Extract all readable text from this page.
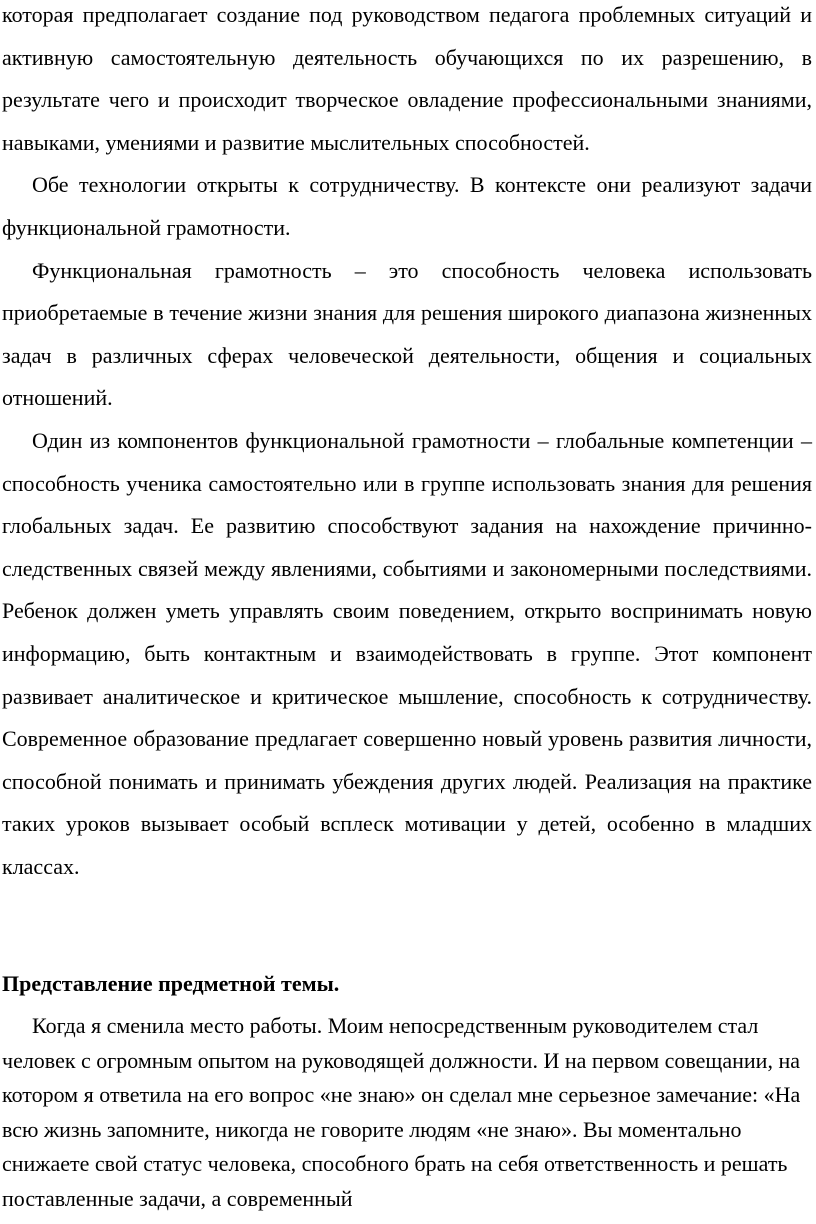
которая предполагает создание под руководством педагога проблемных ситуаций и активную самостоятельную деятельность обучающихся по их разрешению, в результате чего и происходит творческое овладение профессиональными знаниями, навыками, умениями и развитие мыслительных способностей.

Обе технологии открыты к сотрудничеству. В контексте они реализуют задачи функциональной грамотности.

Функциональная грамотность – это способность человека использовать приобретаемые в течение жизни знания для решения широкого диапазона жизненных задач в различных сферах человеческой деятельности, общения и социальных отношений.

Один из компонентов функциональной грамотности – глобальные компетенции – способность ученика самостоятельно или в группе использовать знания для решения глобальных задач. Ее развитию способствуют задания на нахождение причинно-следственных связей между явлениями, событиями и закономерными последствиями. Ребенок должен уметь управлять своим поведением, открыто воспринимать новую информацию, быть контактным и взаимодействовать в группе. Этот компонент развивает аналитическое и критическое мышление, способность к сотрудничеству. Современное образование предлагает совершенно новый уровень развития личности, способной понимать и принимать убеждения других людей. Реализация на практике таких уроков вызывает особый всплеск мотивации у детей, особенно в младших классах.

Представление предметной темы.

Когда я сменила место работы. Моим непосредственным руководителем стал человек с огромным опытом на руководящей должности. И на первом совещании, на котором я ответила на его вопрос «не знаю» он сделал мне серьезное замечание: «На всю жизнь запомните, никогда не говорите людям «не знаю». Вы моментально снижаете свой статус человека, способного брать на себя ответственность и решать поставленные задачи, а современный
